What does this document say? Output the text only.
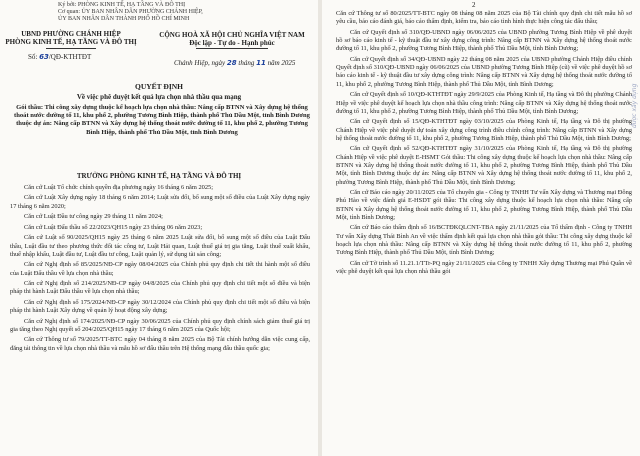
Ký bởi: PHÒNG KINH TẾ, HẠ TẦNG VÀ ĐÔ THỊ
Cơ quan: ỦY BAN NHÂN DÂN PHƯỜNG CHÁNH HIỆP,
ỦY BAN NHÂN DÂN THÀNH PHỐ HỒ CHÍ MINH
UBND PHƯỜNG CHÁNH HIỆP
PHÒNG KINH TẾ, HẠ TẦNG VÀ ĐÔ THỊ
CỘNG HOÀ XÃ HỘI CHỦ NGHĨA VIỆT NAM
Độc lập - Tự do - Hạnh phúc
Số: 63/QĐ-KTHTĐT
Chánh Hiệp, ngày 28 tháng 11 năm 2025
QUYẾT ĐỊNH
Về việc phê duyệt kết quả lựa chọn nhà thầu qua mạng
Gói thầu: Thi công xây dựng thuộc kế hoạch lựa chọn nhà thầu: Nâng cấp BTNN và Xây dựng hệ thống thoát nước đường tổ 11, khu phố 2, phường Tương Bình Hiệp, thành phố Thủ Dầu Một, tỉnh Bình Dương thuộc dự án: Nâng cấp BTNN và Xây dựng hệ thống thoát nước đường tổ 11, khu phố 2, phường Tương Bình Hiệp, thành phố Thủ Dầu Một, tỉnh Bình Dương
TRƯỞNG PHÒNG KINH TẾ, HẠ TẦNG VÀ ĐÔ THỊ

Căn cứ Luật Tổ chức chính quyền địa phương ngày 16 tháng 6 năm 2025;

Căn cứ Luật Xây dựng ngày 18 tháng 6 năm 2014; Luật sửa đổi, bổ sung một số điều của Luật Xây dựng ngày 17 tháng 6 năm 2020;

Căn cứ Luật Đầu tư công ngày 29 tháng 11 năm 2024;

Căn cứ Luật Đấu thầu số 22/2023/QH15 ngày 23 tháng 06 năm 2023;

Căn cứ Luật số 90/2025/QH15 ngày 25 tháng 6 năm 2025 Luật sửa đổi, bổ sung một số điều của Luật Đấu thầu, Luật đầu tư theo phương thức đối tác công tư, Luật Hải quan, Luật thuế giá trị gia tăng, Luật thuế xuất khẩu, thuế nhập khẩu, Luật đầu tư, Luật đầu tư công, Luật quản lý, sử dụng tài sản công;

Căn cứ Nghị định số 85/2025/NĐ-CP ngày 08/04/2025 của Chính phủ quy định chi tiết thi hành một số điều của Luật Đấu thầu về lựa chọn nhà thầu;

Căn cứ Nghị định số 214/2025/NĐ-CP ngày 04/8/2025 của Chính phủ quy định chi tiết một số điều và biện pháp thi hành Luật Đấu thầu về lựa chọn nhà thầu;

Căn cứ Nghị định số 175/2024/NĐ-CP ngày 30/12/2024 của Chính phủ quy định chi tiết một số điều và biện pháp thi hành Luật Xây dựng về quản lý hoạt động xây dựng;

Căn cứ Nghị định số 174/2025/NĐ-CP ngày 30/06/2025 của Chính phủ quy định chính sách giảm thuế giá trị gia tăng theo Nghị quyết số 204/2025/QH15 ngày 17 tháng 6 năm 2025 của Quốc hội;

Căn cứ Thông tư số 79/2025/TT-BTC ngày 04 tháng 8 năm 2025 của Bộ Tài chính hướng dẫn việc cung cấp, đăng tải thông tin về lựa chọn nhà thầu và mẫu hồ sơ đấu thầu trên Hệ thống mạng đấu thầu quốc gia;

2

Căn cứ Thông tư số 80/2025/TT-BTC ngày 08 tháng 08 năm 2025 của Bộ Tài chính quy định chi tiết mẫu hồ sơ yêu cầu, báo cáo đánh giá, báo cáo thẩm định, kiểm tra, báo cáo tình hình thực hiện công tác đấu thầu;

Căn cứ Quyết định số 310/QĐ-UBND ngày 06/06/2025 của UBND phường Tương Bình Hiệp về phê duyệt hồ sơ báo cáo kinh tế - kỹ thuật đầu tư xây dựng công trình: Nâng cấp BTNN và Xây dựng hệ thống thoát nước đường tổ 11, khu phố 2, phường Tương Bình Hiệp, thành phố Thủ Dầu Một, tỉnh Bình Dương;

Căn cứ Quyết định số 34/QĐ-UBND ngày 22 tháng 08 năm 2025 của UBND phường Chánh Hiệp điều chỉnh Quyết định số 310/QĐ-UBND ngày 06/06/2025 của UBND phường Tương Bình Hiệp (cũ) về việc phê duyệt hồ sơ báo cáo kinh tế - kỹ thuật đầu tư xây dựng công trình: Nâng cấp BTNN và Xây dựng hệ thống thoát nước đường tổ 11, khu phố 2, phường Tương Bình Hiệp, thành phố Thủ Dầu Một, tỉnh Bình Dương;

Căn cứ Quyết định số 10/QĐ-KTHTĐT ngày 29/9/2025 của Phòng Kinh tế, Hạ tầng và Đô thị phường Chánh Hiệp về việc phê duyệt kế hoạch lựa chọn nhà thầu công trình: Nâng cấp BTNN và Xây dựng hệ thống thoát nước đường tổ 11, khu phố 2, phường Tương Bình Hiệp, thành phố Thủ Dầu Một, tỉnh Bình Dương;

Căn cứ Quyết định số 15/QĐ-KTHTĐT ngày 03/10/2025 của Phòng Kinh tế, Hạ tầng và Đô thị phường Chánh Hiệp về việc phê duyệt dự toán xây dựng công trình điều chỉnh công trình: Nâng cấp BTNN và Xây dựng hệ thống thoát nước đường tổ 11, khu phố 2, phường Tương Bình Hiệp, thành phố Thủ Dầu Một, tỉnh Bình Dương;

Căn cứ Quyết định số 52/QĐ-KTHTĐT ngày 31/10/2025 của Phòng Kinh tế, Hạ tầng và Đô thị phường Chánh Hiệp về việc phê duyệt E-HSMT Gói thầu: Thi công xây dựng thuộc kế hoạch lựa chọn nhà thầu: Nâng cấp BTNN và Xây dựng hệ thống thoát nước đường tổ 11, khu phố 2, phường Tương Bình Hiệp, thành phố Thủ Dầu Một, tỉnh Bình Dương thuộc dự án: Nâng cấp BTNN và Xây dựng hệ thống thoát nước đường tổ 11, khu phố 2, phường Tương Bình Hiệp, thành phố Thủ Dầu Một, tỉnh Bình Dương;

Căn cứ Báo cáo ngày 20/11/2025 của Tổ chuyên gia - Công ty TNHH Tư vấn Xây dựng và Thương mại Đông Phú Hào về việc đánh giá E-HSDT gói thầu: Thi công xây dựng thuộc kế hoạch lựa chọn nhà thầu: Nâng cấp BTNN và Xây dựng hệ thống thoát nước đường tổ 11, khu phố 2, phường Tương Bình Hiệp, thành phố Thủ Dầu Một, tỉnh Bình Dương;

Căn cứ Báo cáo thẩm định số 16/BCTĐKQLCNT-TBA ngày 21/11/2025 của Tổ thẩm định - Công ty TNHH Tư vấn Xây dựng Thái Bình An về việc thẩm định kết quả lựa chọn nhà thầu gói thầu: Thi công xây dựng thuộc kế hoạch lựa chọn nhà thầu: Nâng cấp BTNN và Xây dựng hệ thống thoát nước đường tổ 11, khu phố 2, phường Tương Bình Hiệp, thành phố Thủ Dầu Một, tỉnh Bình Dương;

Căn cứ Tờ trình số 11.21.1/TTr-PQ ngày 21/11/2025 của Công ty TNHH Xây dựng Thương mại Phú Quân về việc phê duyệt kết quả lựa chọn nhà thầu gói

được xây dựng
